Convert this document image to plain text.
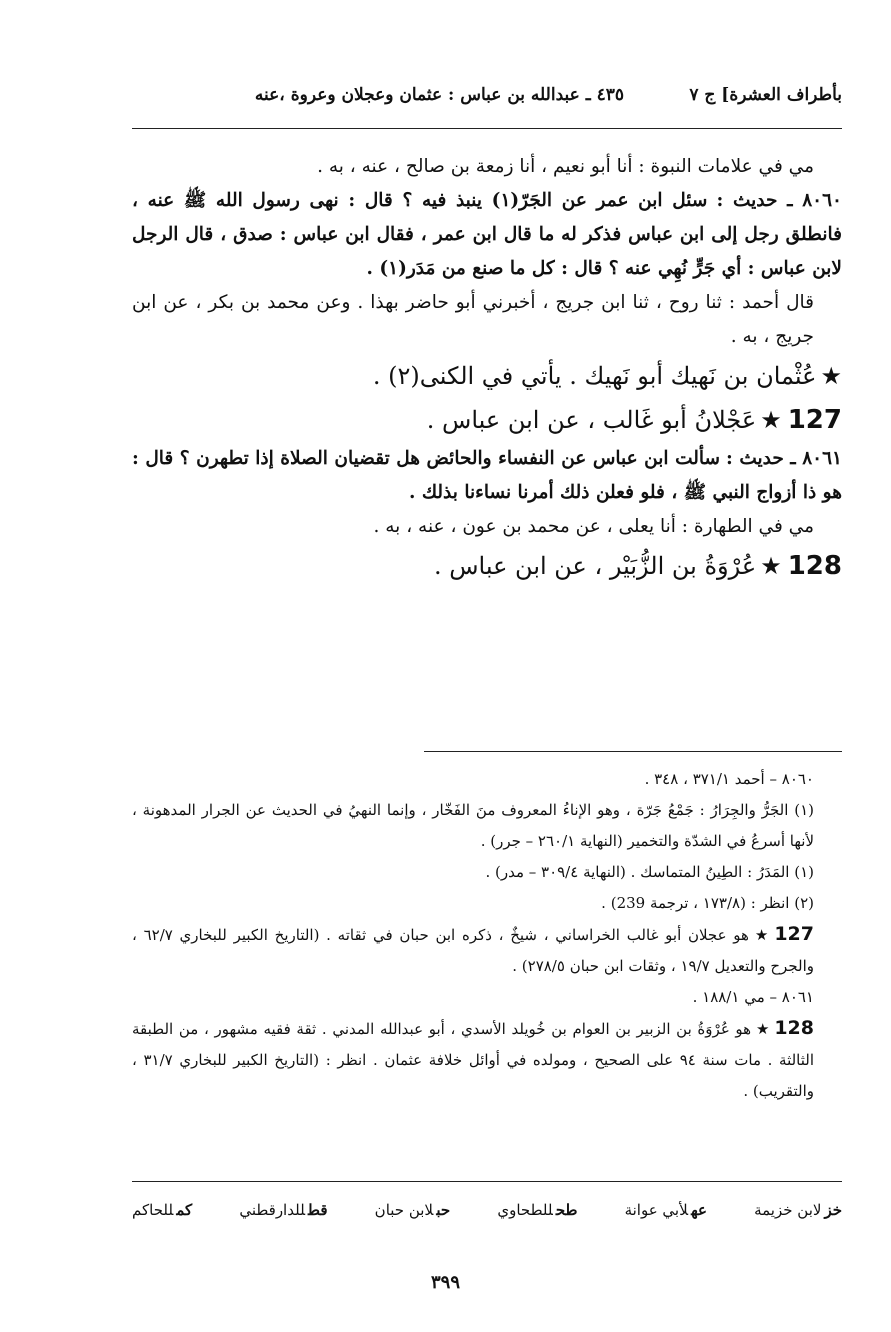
بأطراف العشرة] ج ٧
٤٣٥ ـ عبدالله بن عباس : عثمان وعجلان وعروة ،عنه

مي في علامات النبوة : أنا أبو نعيم ، أنا زمعة بن صالح ، عنه ، به .

٨٠٦٠ ـ حديث : سئل ابن عمر عن الجَرّ(١) ينبذ فيه ؟ قال : نهى رسول الله ﷺ عنه ، فانطلق رجل إلى ابن عباس فذكر له ما قال ابن عمر ، فقال ابن عباس : صدق ، قال الرجل لابن عباس : أي جَرٍّ نُهِي عنه ؟ قال : كل ما صنع من مَدَر(١) .

قال أحمد : ثنا روح ، ثنا ابن جريج ، أخبرني أبو حاضر بهذا . وعن محمد بن بكر ، عن ابن جريج ، به .

★عُثْمان بن نَهيك أبو نَهيك . يأتي في الكنى(٢) .

127★عَجْلانُ أبو غَالب ، عن ابن عباس .

٨٠٦١ ـ حديث : سألت ابن عباس عن النفساء والحائض هل تقضيان الصلاة إذا تطهرن ؟ قال : هو ذا أزواج النبي ﷺ ، فلو فعلن ذلك أمرنا نساءنا بذلك .

مي في الطهارة : أنا يعلى ، عن محمد بن عون ، عنه ، به .

128★عُرْوَةُ بن الزُّبَيْر ، عن ابن عباس .

٨٠٦٠ – أحمد ٣٧١/١ ، ٣٤٨ .

(١) الجَرُّ والجِرَارُ : جَمْعُ جَرّة ، وهو الإناءُ المعروف منَ الفَخّار ، وإنما النهيُ في الحديث عن الجرار المدهونة ، لأنها أسرعُ في الشدّة والتخمير (النهاية ٢٦٠/١ – جرر) .

(١) المَدَرُ : الطِينُ المتماسك . (النهاية ٣٠٩/٤ – مدر) .

(٢) انظر : (١٧٣/٨ ، ترجمة 239) .

127★هو عجلان أبو غالب الخراساني ، شيخٌ ، ذكره ابن حبان في ثقاته . (التاريخ الكبير للبخاري ٦٢/٧ ، والجرح والتعديل ١٩/٧ ، وثقات ابن حبان ٢٧٨/٥) .

٨٠٦١ – مي ١٨٨/١ .

128★هو عُرْوَةُ بن الزبير بن العوام بن خُويلد الأسدي ، أبو عبدالله المدني . ثقة فقيه مشهور ، من الطبقة الثالثة . مات سنة ٩٤ على الصحيح ، ومولده في أوائل خلافة عثمان . انظر : (التاريخ الكبير للبخاري ٣١/٧ ، والتقريب) .

خزلابن خزيمة
عهلأبي عوانة
طحللطحاوي
حبلابن حبان
قطللدارقطني
كمللحاكم
٣٩٩
